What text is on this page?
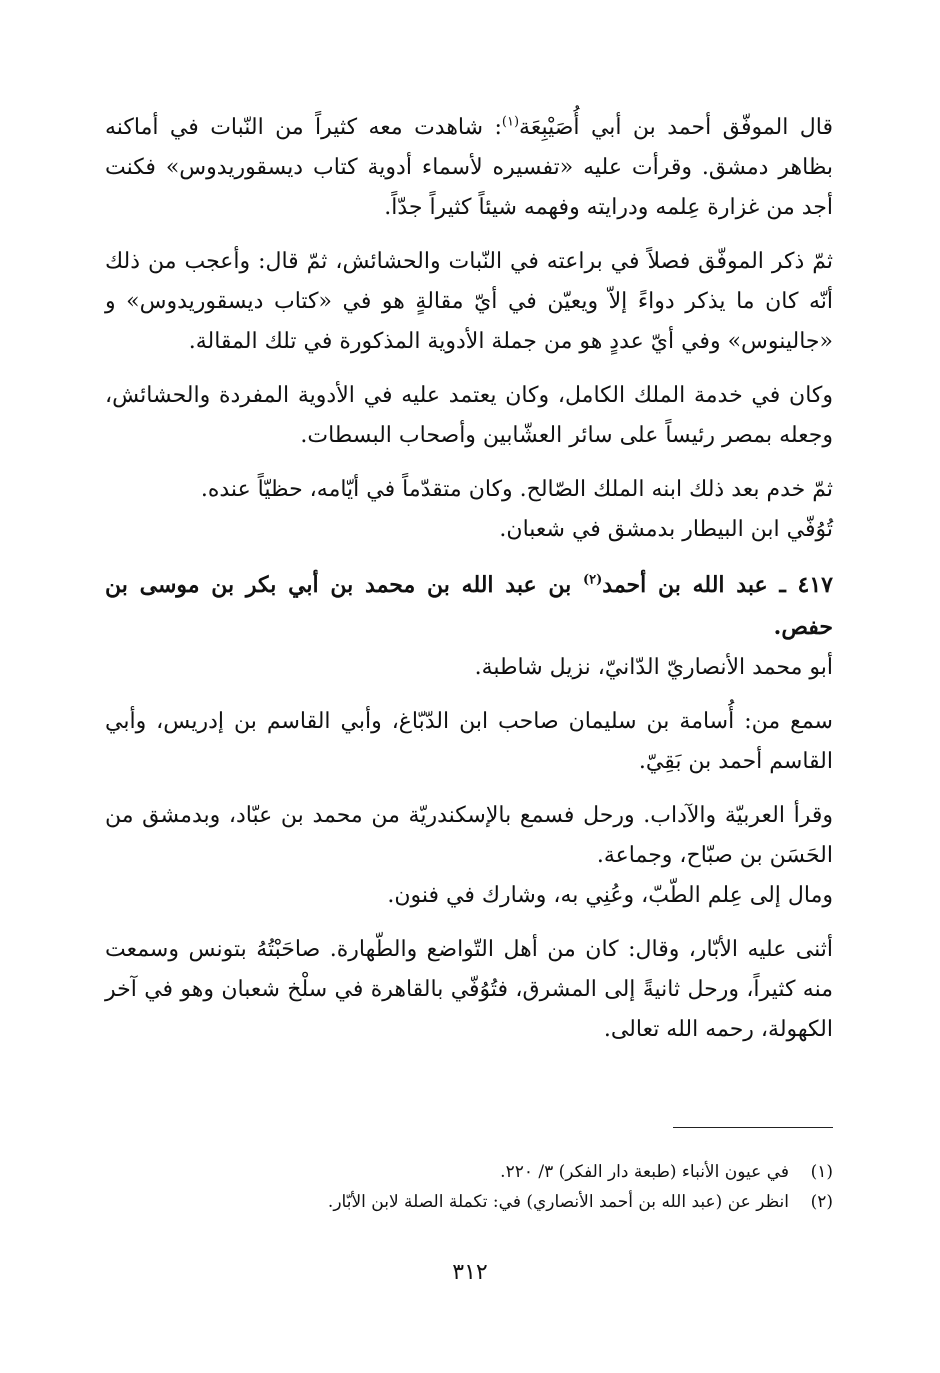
قال الموفّق أحمد بن أبي أُصَيْبِعَة$^{(١)}$: شاهدت معه كثيراً من النّبات في أماكنه بظاهر دمشق. وقرأت عليه «تفسيره لأسماء أدوية كتاب ديسقوريدوس» فكنت أجد من غزارة عِلمه ودرايته وفهمه شيئاً كثيراً جدّاً.

ثمّ ذكر الموفّق فصلاً في براعته في النّبات والحشائش، ثمّ قال: وأعجب من ذلك أنّه كان ما يذكر دواءً إلاّ ويعيّن في أيّ مقالةٍ هو في «كتاب ديسقوريدوس» و «جالينوس» وفي أيّ عددٍ هو من جملة الأدوية المذكورة في تلك المقالة.

وكان في خدمة الملك الكامل، وكان يعتمد عليه في الأدوية المفردة والحشائش، وجعله بمصر رئيساً على سائر العشّابين وأصحاب البسطات.

ثمّ خدم بعد ذلك ابنه الملك الصّالح. وكان متقدّماً في أيّامه، حظيّاً عنده.

تُوُفّي ابن البيطار بدمشق في شعبان.

٤١٧ ـ عبد الله بن أحمد$^{(٢)}$ بن عبد الله بن محمد بن أبي بكر بن موسى بن حفص.

أبو محمد الأنصاريّ الدّانيّ، نزيل شاطبة.

سمع من: أُسامة بن سليمان صاحب ابن الدّبّاغ، وأبي القاسم بن إدريس، وأبي القاسم أحمد بن بَقِيّ.

وقرأ العربيّة والآداب. ورحل فسمع بالإسكندريّة من محمد بن عبّاد، وبدمشق من الحَسَن بن صبّاح، وجماعة.

ومال إلى عِلم الطّبّ، وعُنِي به، وشارك في فنون.

أثنى عليه الأبّار، وقال: كان من أهل التّواضع والطّهارة. صاحَبْتُهُ بتونس وسمعت منه كثيراً، ورحل ثانيةً إلى المشرق، فتُوُفّي بالقاهرة في سلْخ شعبان وهو في آخر الكهولة، رحمه الله تعالى.

(١)
في عيون الأنباء (طبعة دار الفكر) ٣/ ٢٢٠.
(٢)
انظر عن (عبد الله بن أحمد الأنصاري) في: تكملة الصلة لابن الأبّار.
٣١٢
